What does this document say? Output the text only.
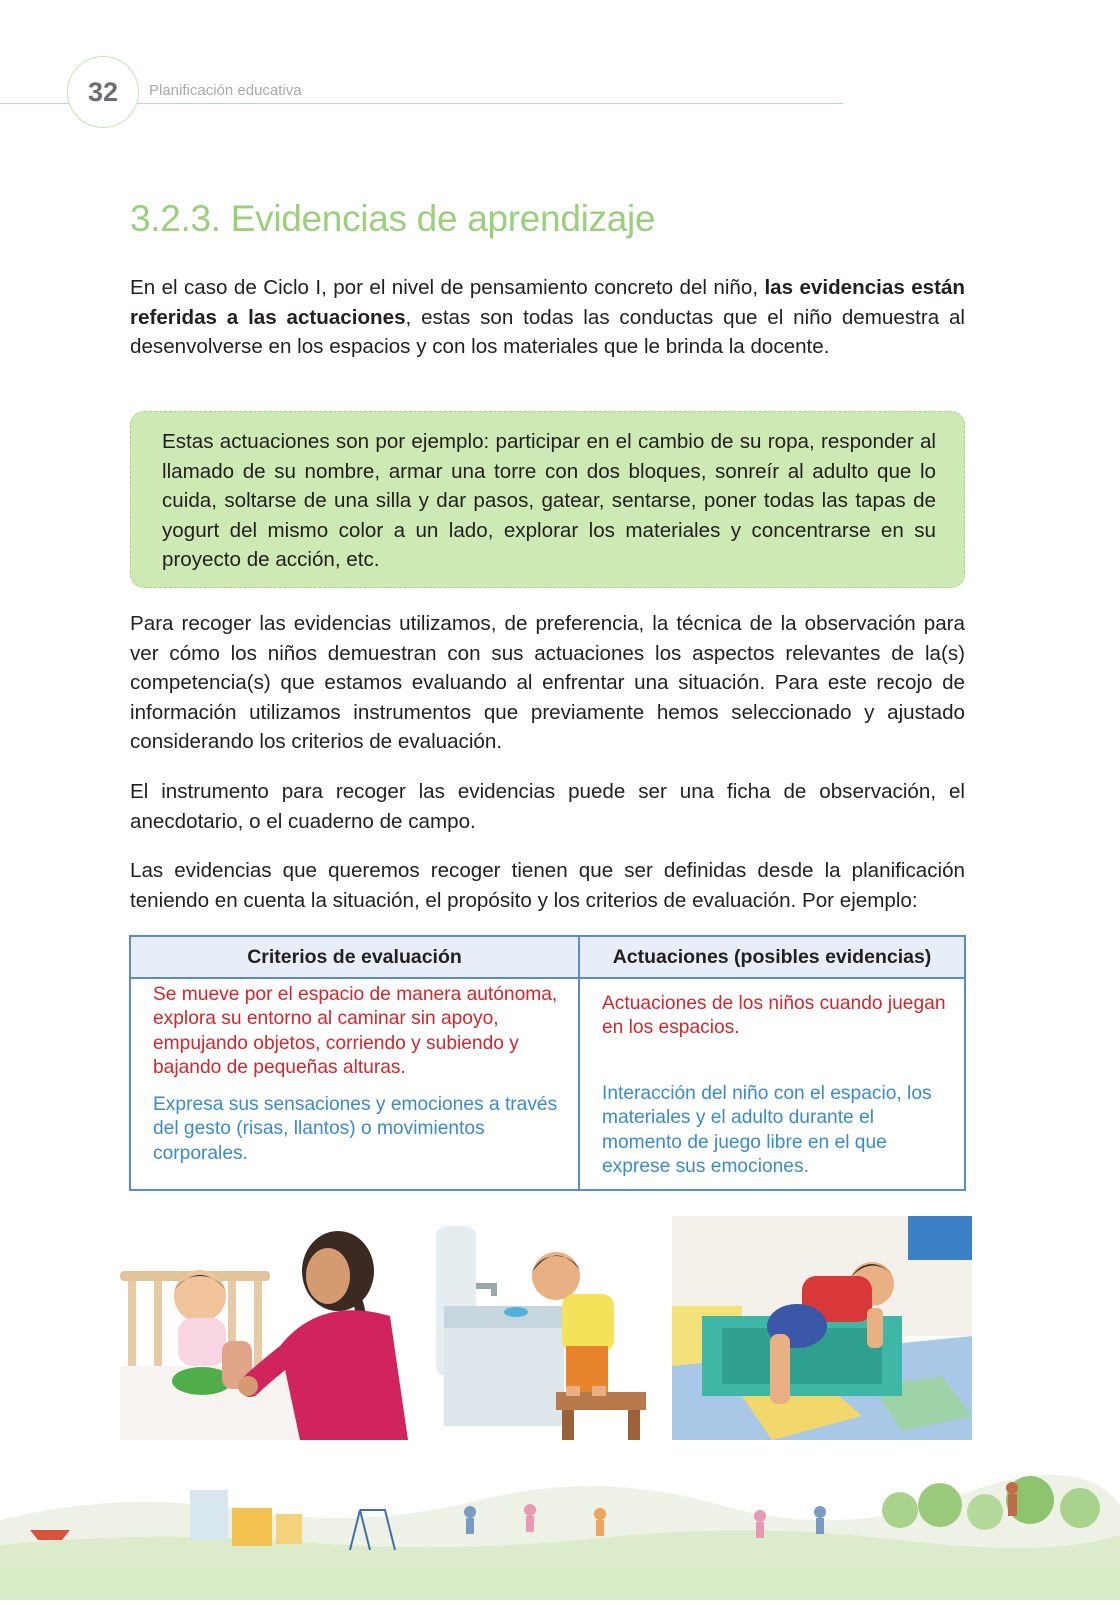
32 Planificación educativa
3.2.3. Evidencias de aprendizaje

En el caso de Ciclo I, por el nivel de pensamiento concreto del niño, las evidencias están referidas a las actuaciones, estas son todas las conductas que el niño demuestra al desenvolverse en los espacios y con los materiales que le brinda la docente.

Estas actuaciones son por ejemplo: participar en el cambio de su ropa, responder al llamado de su nombre, armar una torre con dos bloques, sonreír al adulto que lo cuida, soltarse de una silla y dar pasos, gatear, sentarse, poner todas las tapas de yogurt del mismo color a un lado, explorar los materiales y concentrarse en su proyecto de acción, etc.

Para recoger las evidencias utilizamos, de preferencia, la técnica de la observación para ver cómo los niños demuestran con sus actuaciones los aspectos relevantes de la(s) competencia(s) que estamos evaluando al enfrentar una situación. Para este recojo de información utilizamos instrumentos que previamente hemos seleccionado y ajustado considerando los criterios de evaluación.

El instrumento para recoger las evidencias puede ser una ficha de observación, el anecdotario, o el cuaderno de campo.

Las evidencias que queremos recoger tienen que ser definidas desde la planificación teniendo en cuenta la situación, el propósito y los criterios de evaluación. Por ejemplo:

Criterios de evaluación	Actuaciones (posibles evidencias)

Se mueve por el espacio de manera autónoma, explora su entorno al caminar sin apoyo, empujando objetos, corriendo y subiendo y bajando de pequeñas alturas.

Expresa sus sensaciones y emociones a través del gesto (risas, llantos) o movimientos corporales.

Actuaciones de los niños cuando juegan en los espacios.

Interacción del niño con el espacio, los materiales y el adulto durante el momento de juego libre en el que exprese sus emociones.
